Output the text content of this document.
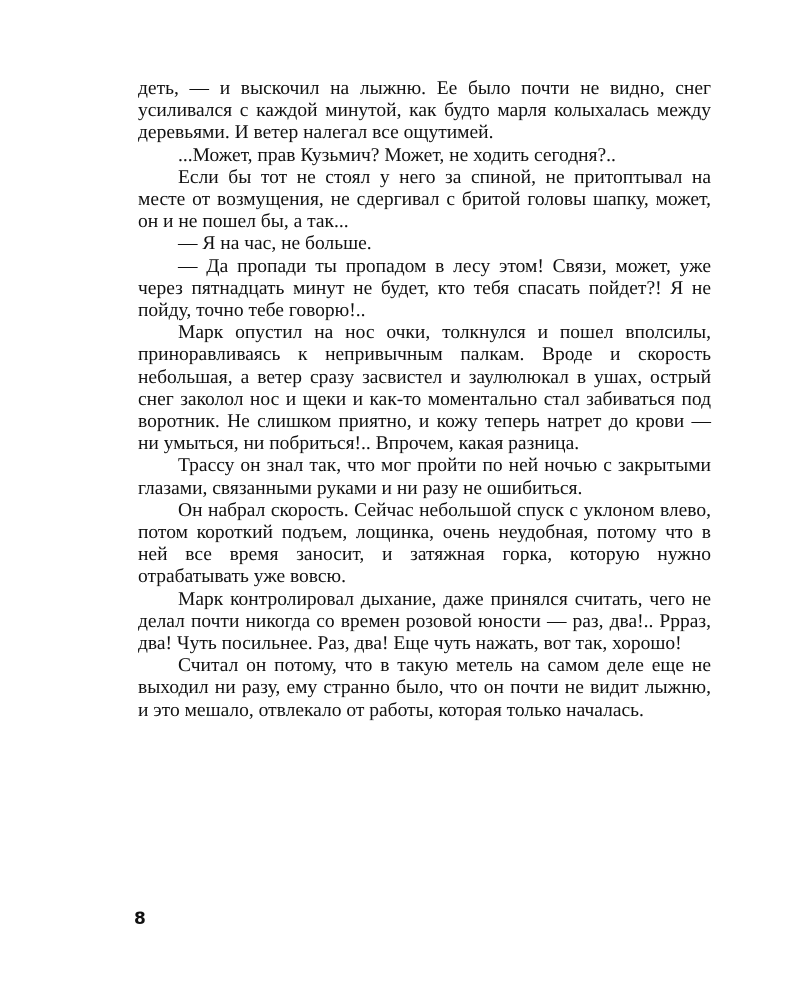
деть, — и выскочил на лыжню. Ее было почти не видно, снег усиливался с каждой минутой, как будто марля колыхалась между деревьями. И ветер налегал все ощутимей.

...Может, прав Кузьмич? Может, не ходить сегодня?..

Если бы тот не стоял у него за спиной, не притоптывал на месте от возмущения, не сдергивал с бритой головы шапку, может, он и не пошел бы, а так...

— Я на час, не больше.

— Да пропади ты пропадом в лесу этом! Связи, может, уже через пятнадцать минут не будет, кто тебя спасать пойдет?! Я не пойду, точно тебе говорю!..

Марк опустил на нос очки, толкнулся и пошел вполсилы, приноравливаясь к непривычным палкам. Вроде и скорость небольшая, а ветер сразу засвистел и заулюлюкал в ушах, острый снег заколол нос и щеки и как-то моментально стал забиваться под воротник. Не слишком приятно, и кожу теперь натрет до крови — ни умыться, ни побриться!.. Впрочем, какая разница.

Трассу он знал так, что мог пройти по ней ночью с закрытыми глазами, связанными руками и ни разу не ошибиться.

Он набрал скорость. Сейчас небольшой спуск с уклоном влево, потом короткий подъем, лощинка, очень неудобная, потому что в ней все время заносит, и затяжная горка, которую нужно отрабатывать уже вовсю.

Марк контролировал дыхание, даже принялся считать, чего не делал почти никогда со времен розовой юности — раз, два!.. Ррраз, два! Чуть посильнее. Раз, два! Еще чуть нажать, вот так, хорошо!

Считал он потому, что в такую метель на самом деле еще не выходил ни разу, ему странно было, что он почти не видит лыжню, и это мешало, отвлекало от работы, которая только началась.

8
